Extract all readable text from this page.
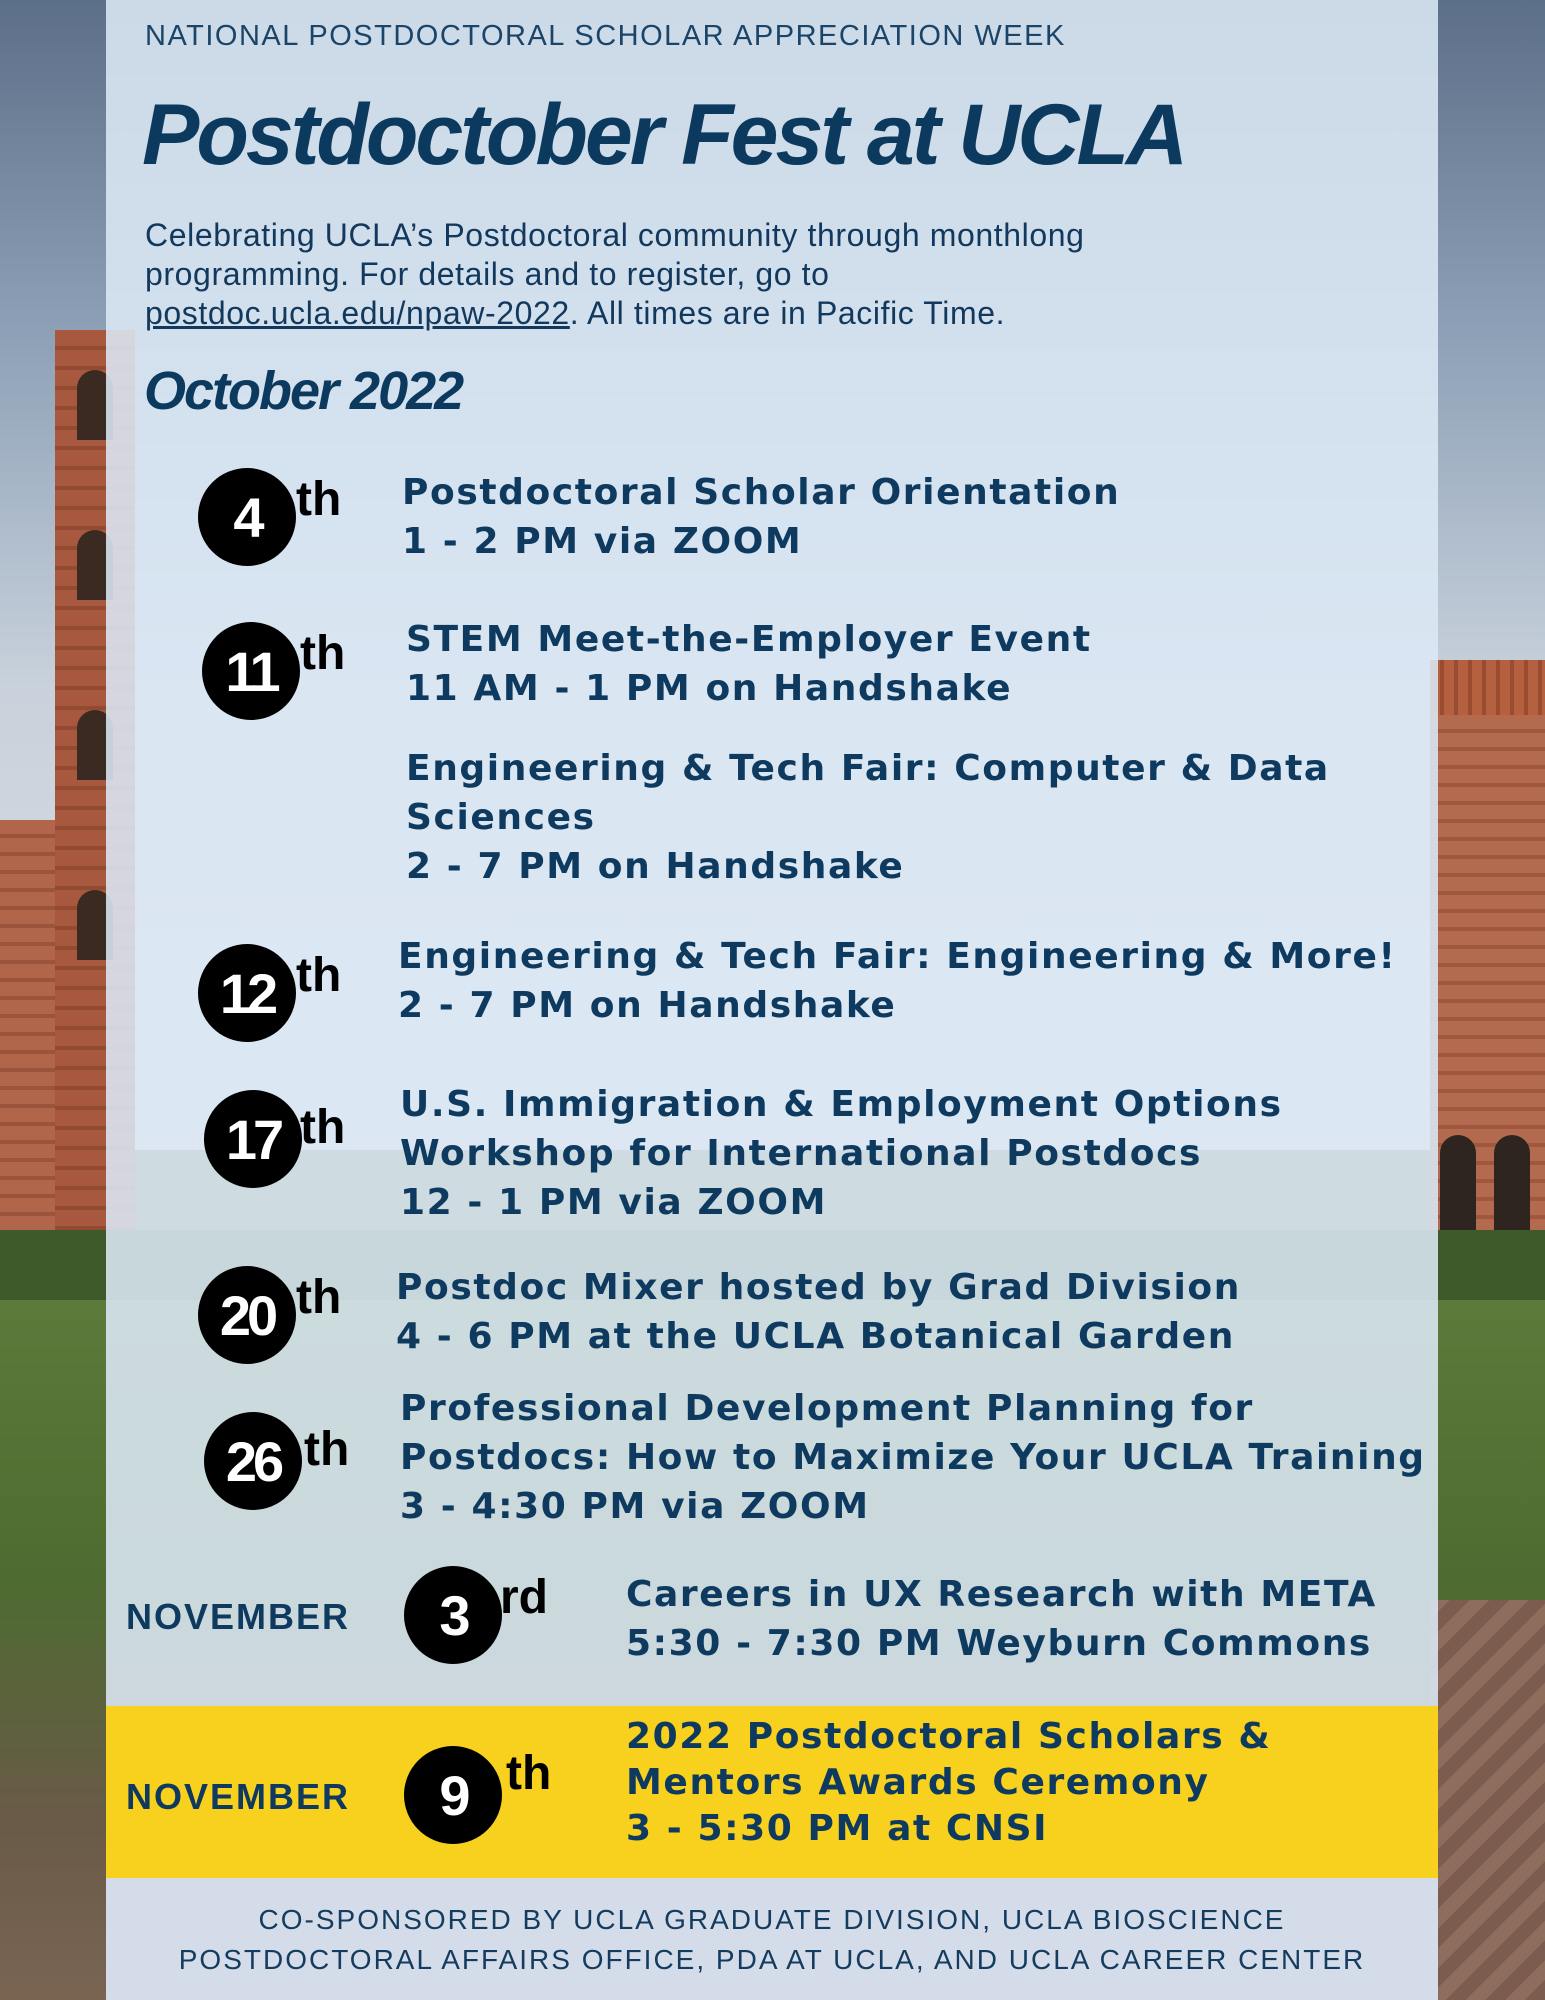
NATIONAL POSTDOCTORAL SCHOLAR APPRECIATION WEEK
Postdoctober Fest at UCLA
Celebrating UCLA’s Postdoctoral community through monthlong
programming. For details and to register, go to
postdoc.ucla.edu/npaw-2022. All times are in Pacific Time.
October 2022
4 th Postdoctoral Scholar Orientation
1 - 2 PM via ZOOM
11 th STEM Meet-the-Employer Event
11 AM - 1 PM on Handshake
Engineering & Tech Fair: Computer & Data
Sciences
2 - 7 PM on Handshake
12 th Engineering & Tech Fair: Engineering & More!
2 - 7 PM on Handshake
17 th U.S. Immigration & Employment Options
Workshop for International Postdocs
12 - 1 PM via ZOOM
20 th Postdoc Mixer hosted by Grad Division
4 - 6 PM at the UCLA Botanical Garden
26 th
Professional Development Planning for
Postdocs: How to Maximize Your UCLA Training
3 - 4:30 PM via ZOOM
NOVEMBER	3 rd Careers in UX Research with META
5:30 - 7:30 PM Weyburn Commons
NOVEMBER	9 th
2022 Postdoctoral Scholars &
Mentors Awards Ceremony
3 - 5:30 PM at CNSI
CO-SPONSORED BY UCLA GRADUATE DIVISION, UCLA BIOSCIENCE
POSTDOCTORAL AFFAIRS OFFICE, PDA AT UCLA, AND UCLA CAREER CENTER
